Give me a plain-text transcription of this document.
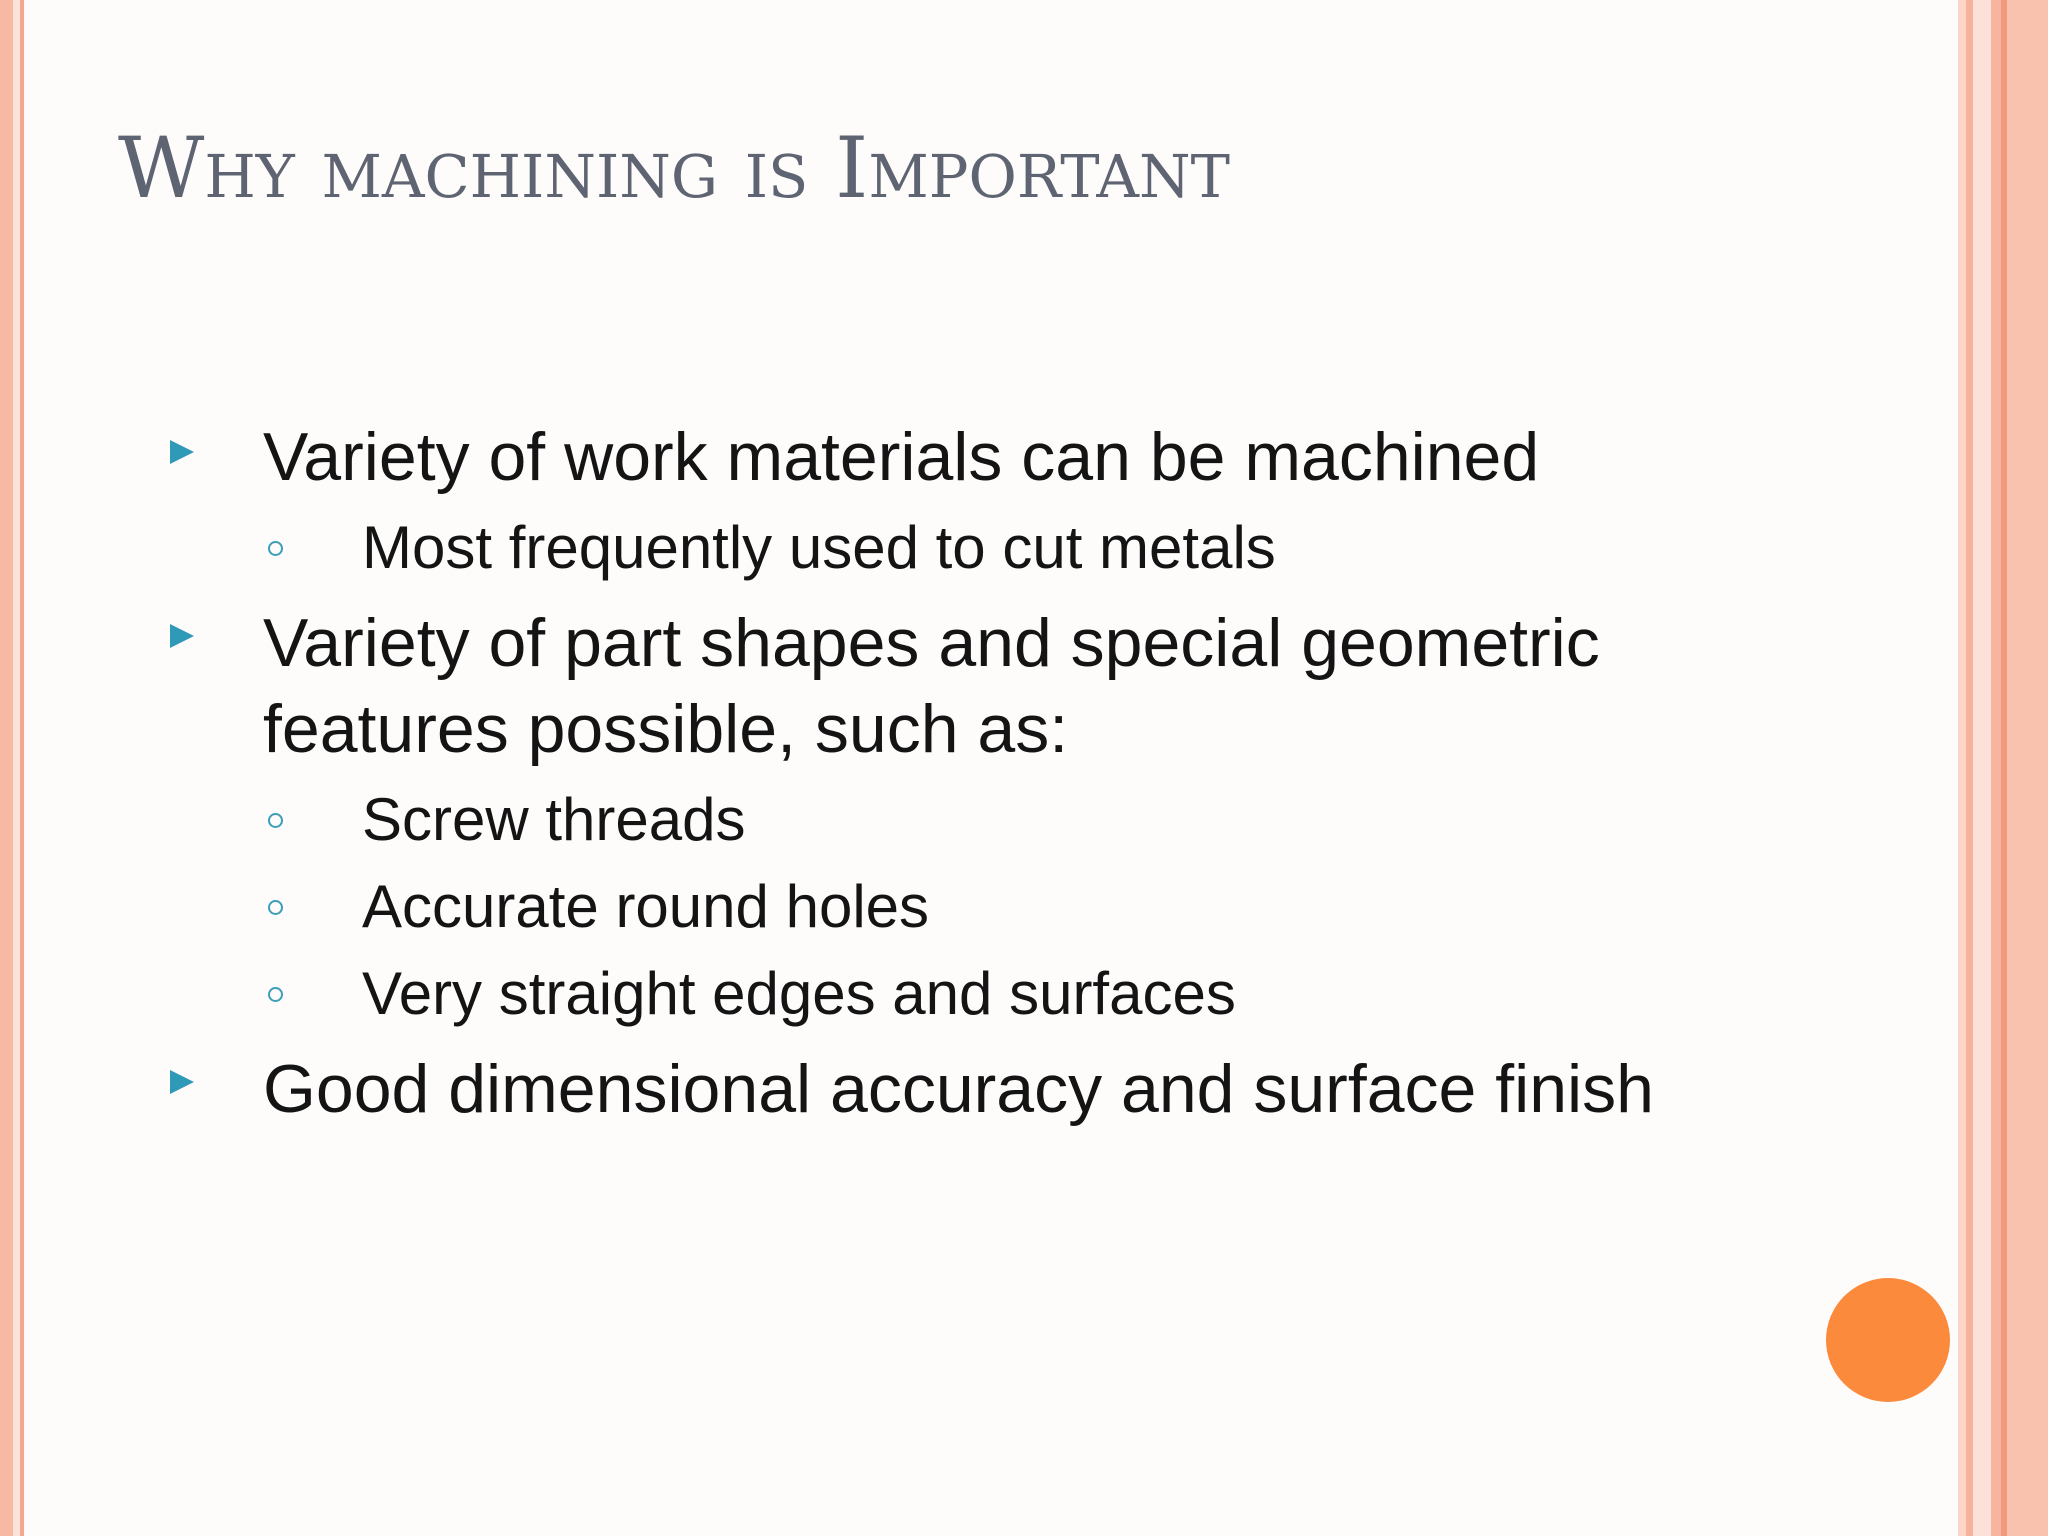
Why machining is Important
Variety of work materials can be machined
Most frequently used to cut metals
Variety of part shapes and special geometric
features possible, such as:
Screw threads
Accurate round holes
Very straight edges and surfaces
Good dimensional accuracy and surface finish
